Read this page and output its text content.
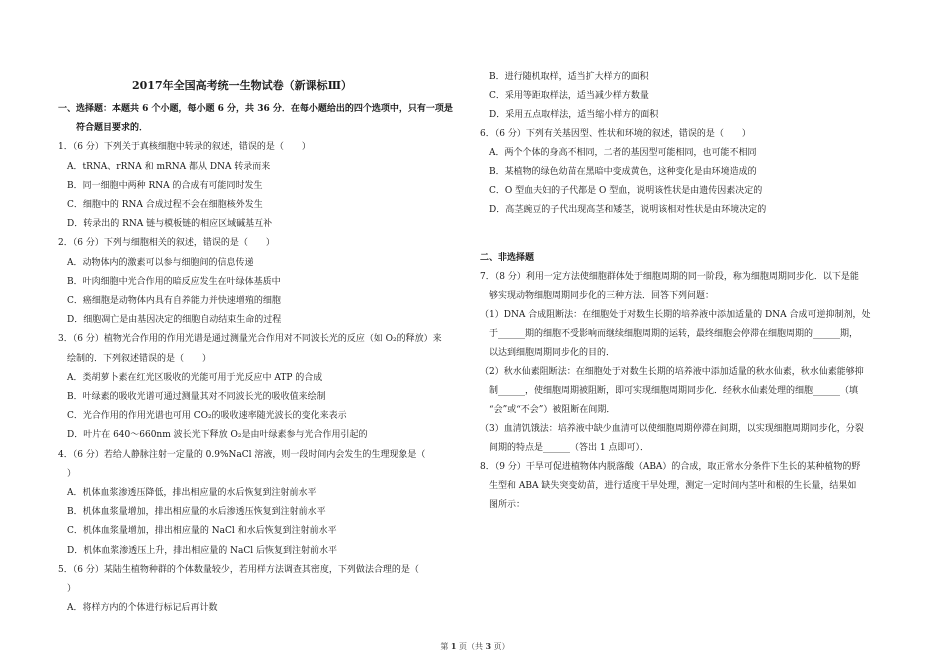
2017年全国高考统一生物试卷（新课标Ⅲ）
一、选择题：本题共 6 个小题，每小题 6 分，共 36 分．在每小题给出的四个选项中，只有一项是
　　符合题目要求的．
1．（6 分）下列关于真核细胞中转录的叙述，错误的是（　　）
　A．tRNA、rRNA 和 mRNA 都从 DNA 转录而来
　B．同一细胞中两种 RNA 的合成有可能同时发生
　C．细胞中的 RNA 合成过程不会在细胞核外发生
　D．转录出的 RNA 链与模板链的相应区域碱基互补
2．（6 分）下列与细胞相关的叙述，错误的是（　　）
　A．动物体内的激素可以参与细胞间的信息传递
　B．叶肉细胞中光合作用的暗反应发生在叶绿体基质中
　C．癌细胞是动物体内具有自养能力并快速增殖的细胞
　D．细胞凋亡是由基因决定的细胞自动结束生命的过程
3．（6 分）植物光合作用的作用光谱是通过测量光合作用对不同波长光的反应（如 O₂的释放）来
　绘制的．下列叙述错误的是（　　）
　A．类胡萝卜素在红光区吸收的光能可用于光反应中 ATP 的合成
　B．叶绿素的吸收光谱可通过测量其对不同波长光的吸收值来绘制
　C．光合作用的作用光谱也可用 CO₂的吸收速率随光波长的变化来表示
　D．叶片在 640～660nm 波长光下释放 O₂是由叶绿素参与光合作用引起的
4．（6 分）若给人静脉注射一定量的 0.9%NaCl 溶液，则一段时间内会发生的生理现象是（
　）
　A．机体血浆渗透压降低，排出相应量的水后恢复到注射前水平
　B．机体血浆量增加，排出相应量的水后渗透压恢复到注射前水平
　C．机体血浆量增加，排出相应量的 NaCl 和水后恢复到注射前水平
　D．机体血浆渗透压上升，排出相应量的 NaCl 后恢复到注射前水平
5．（6 分）某陆生植物种群的个体数量较少，若用样方法调查其密度，下列做法合理的是（
　）
　A．将样方内的个体进行标记后再计数
　B．进行随机取样，适当扩大样方的面积
　C．采用等距取样法，适当减少样方数量
　D．采用五点取样法，适当缩小样方的面积
6．（6 分）下列有关基因型、性状和环境的叙述，错误的是（　　）
　A．两个个体的身高不相同，二者的基因型可能相同，也可能不相同
　B．某植物的绿色幼苗在黑暗中变成黄色，这种变化是由环境造成的
　C．O 型血夫妇的子代都是 O 型血，说明该性状是由遗传因素决定的
　D．高茎豌豆的子代出现高茎和矮茎，说明该相对性状是由环境决定的
二、非选择题
7．（8 分）利用一定方法使细胞群体处于细胞周期的同一阶段，称为细胞周期同步化．以下是能
　够实现动物细胞周期同步化的三种方法．回答下列问题：
（1）DNA 合成阻断法：在细胞处于对数生长期的培养液中添加适量的 DNA 合成可逆抑制剂，处
　于______期的细胞不受影响而继续细胞周期的运转，最终细胞会停滞在细胞周期的______期，
　以达到细胞周期同步化的目的．
（2）秋水仙素阻断法：在细胞处于对数生长期的培养液中添加适量的秋水仙素，秋水仙素能够抑
　制______，使细胞周期被阻断，即可实现细胞周期同步化．经秋水仙素处理的细胞______（填
　“会”或“不会”）被阻断在间期．
（3）血清饥饿法：培养液中缺少血清可以使细胞周期停滞在间期，以实现细胞周期同步化，分裂
　间期的特点是______（答出 1 点即可）．
8．（9 分）干旱可促进植物体内脱落酸（ABA）的合成，取正常水分条件下生长的某种植物的野
　生型和 ABA 缺失突变幼苗，进行适度干旱处理，测定一定时间内茎叶和根的生长量，结果如
　图所示：
第 1 页（共 3 页）
